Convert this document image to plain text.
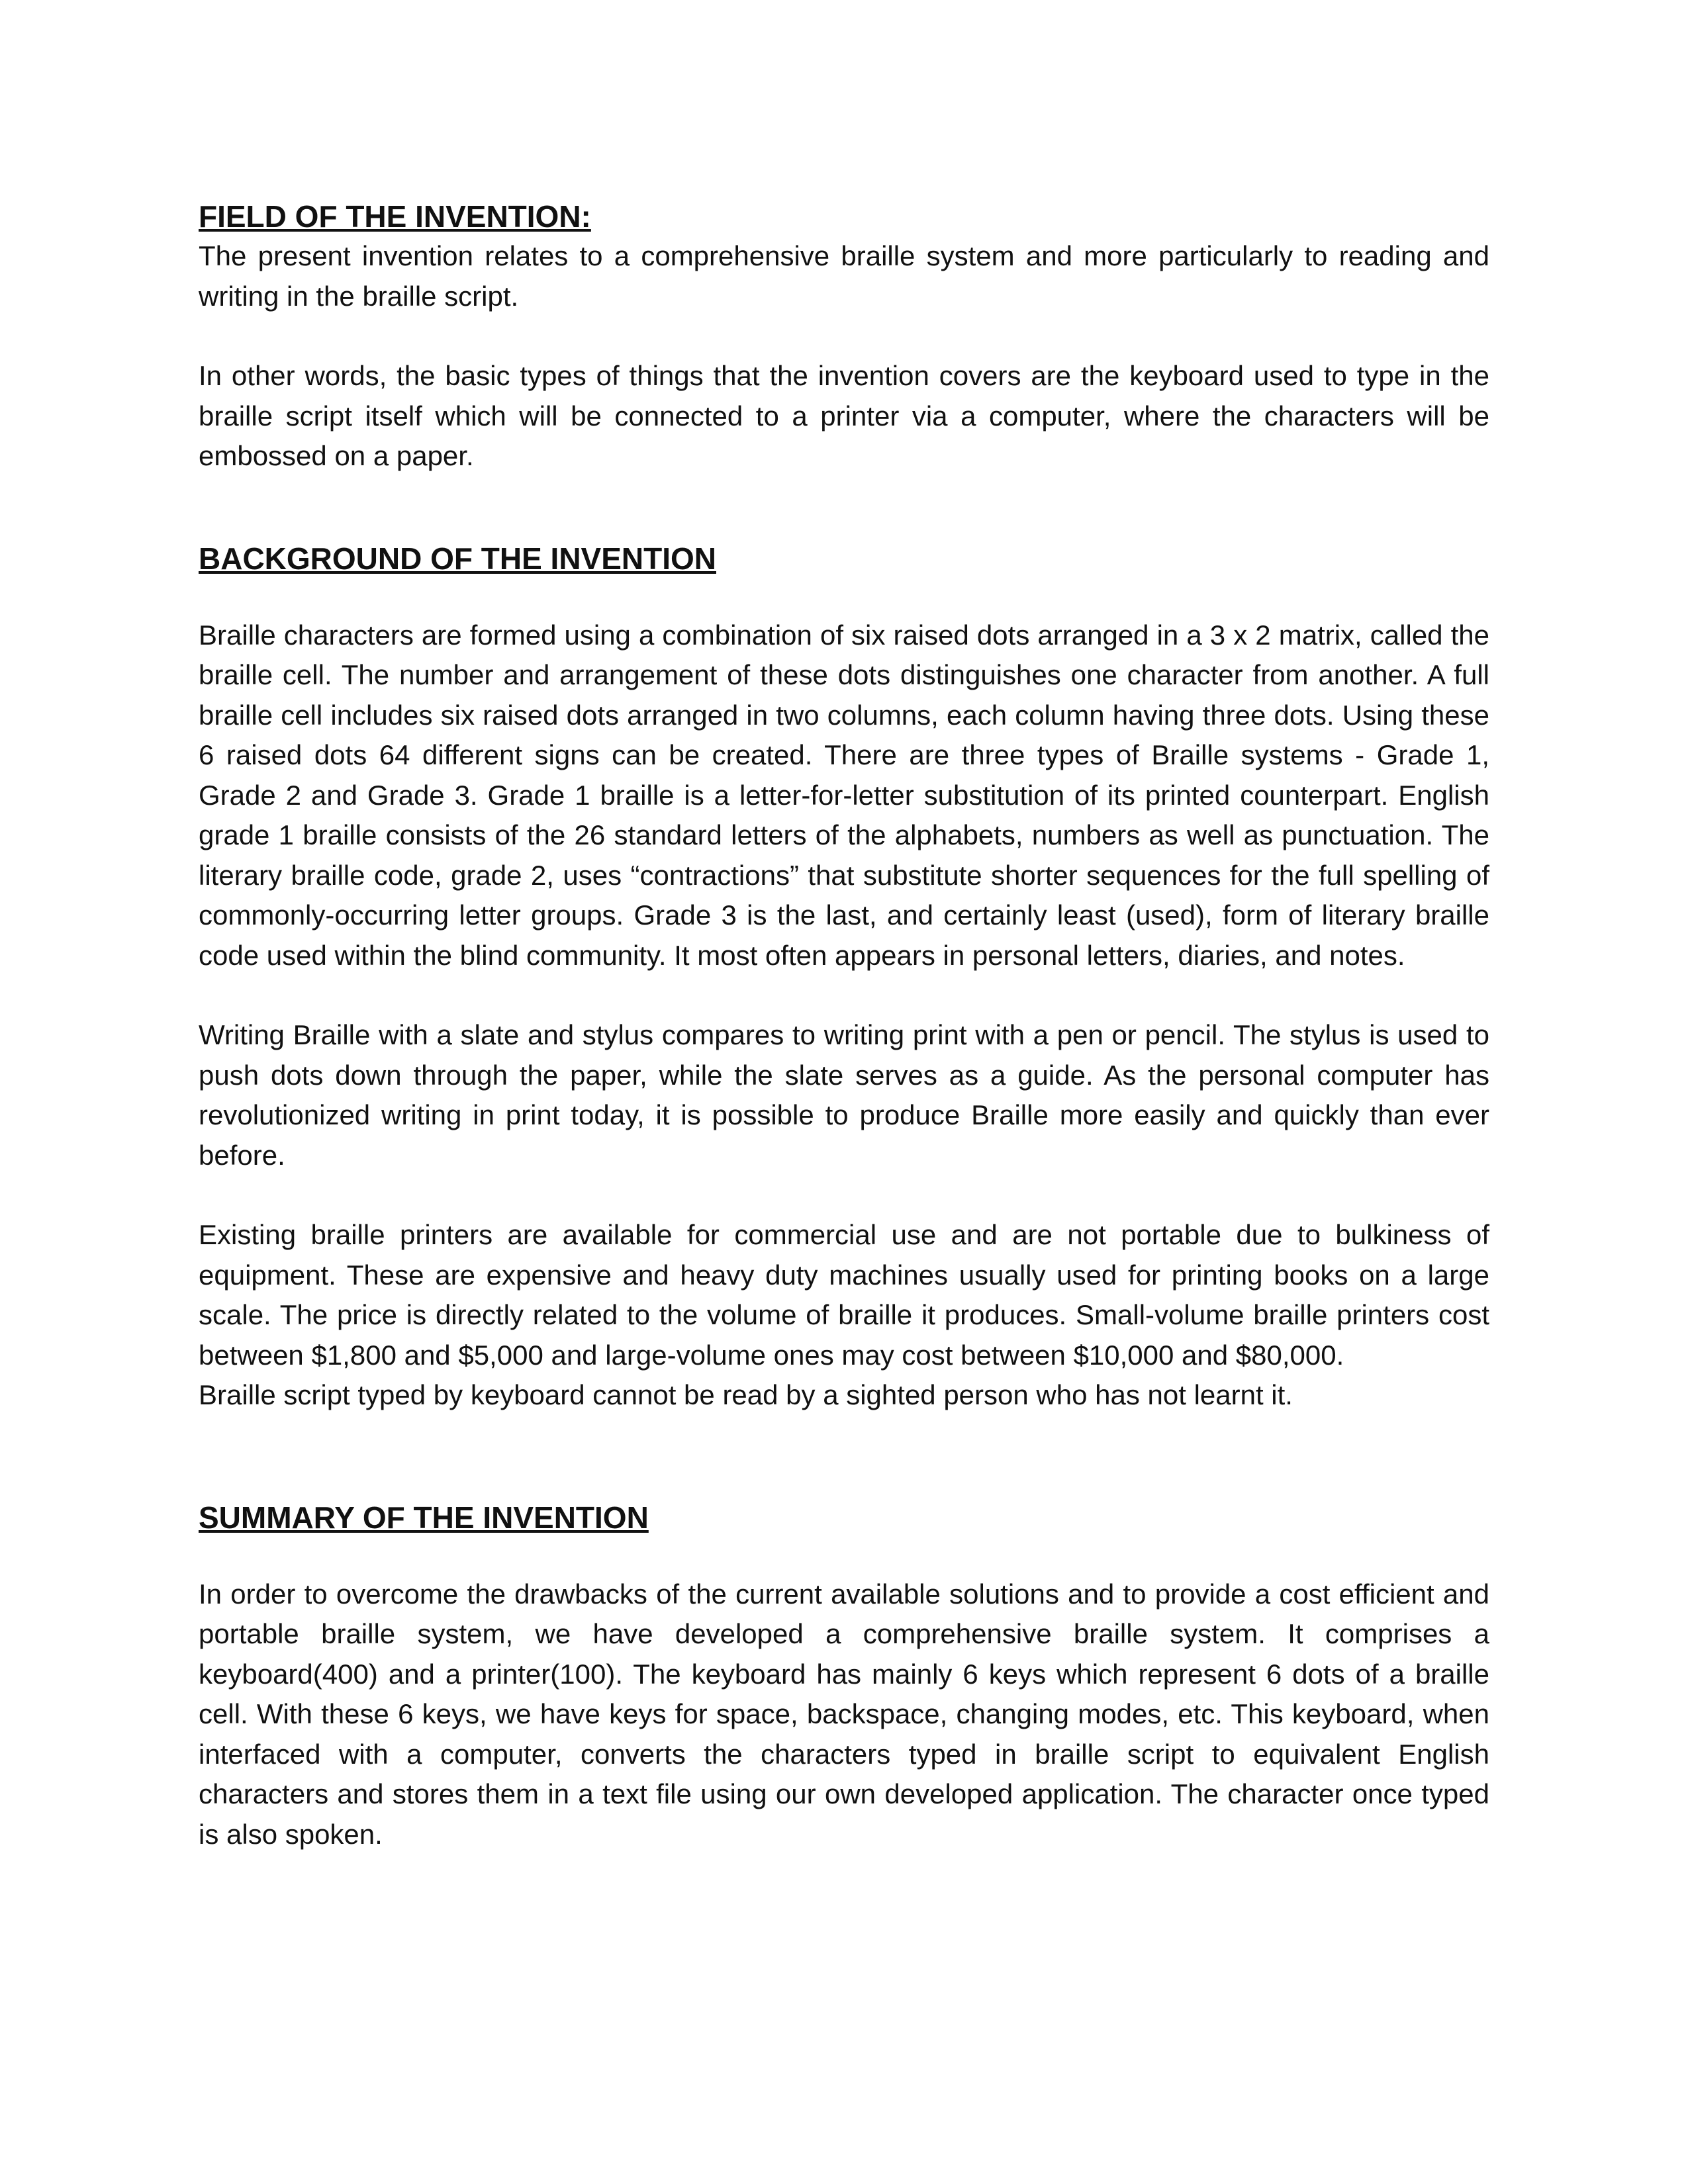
FIELD OF THE INVENTION:

The present invention relates to a comprehensive braille system and more particularly to reading and writing in the braille script.

In other words, the basic types of things that the invention covers are the keyboard used to type in the braille script itself which will be connected to a printer via a computer, where the characters will be embossed on a paper.

BACKGROUND OF THE INVENTION

Braille characters are formed using a combination of six raised dots arranged in a 3 x 2 matrix, called the braille cell. The number and arrangement of these dots distinguishes one character from another. A full braille cell includes six raised dots arranged in two columns, each column having three dots. Using these 6 raised dots 64 different signs can be created. There are three types of Braille systems - Grade 1, Grade 2 and Grade 3. Grade 1 braille is a letter-for-letter substitution of its printed counterpart. English grade 1 braille consists of the 26 standard letters of the alphabets, numbers as well as punctuation. The literary braille code, grade 2, uses “contractions” that substitute shorter sequences for the full spelling of commonly-occurring letter groups. Grade 3 is the last, and certainly least (used), form of literary braille code used within the blind community. It most often appears in personal letters, diaries, and notes.

Writing Braille with a slate and stylus compares to writing print with a pen or pencil. The stylus is used to push dots down through the paper, while the slate serves as a guide. As the personal computer has revolutionized writing in print today, it is possible to produce Braille more easily and quickly than ever before.

Existing braille printers are available for commercial use and are not portable due to bulkiness of equipment. These are expensive and heavy duty machines usually used for printing books on a large scale. The price is directly related to the volume of braille it produces. Small-volume braille printers cost between $1,800 and $5,000 and large-volume ones may cost between $10,000 and $80,000.

Braille script typed by keyboard cannot be read by a sighted person who has not learnt it.

SUMMARY OF THE INVENTION

In order to overcome the drawbacks of the current available solutions and to provide a cost efficient and portable braille system, we have developed a comprehensive braille system. It comprises a keyboard(400) and a printer(100). The keyboard has mainly 6 keys which represent 6 dots of a braille cell. With these 6 keys, we have keys for space, backspace, changing modes, etc. This keyboard, when interfaced with a computer, converts the characters typed in braille script to equivalent English characters and stores them in a text file using our own developed application. The character once typed is also spoken.
